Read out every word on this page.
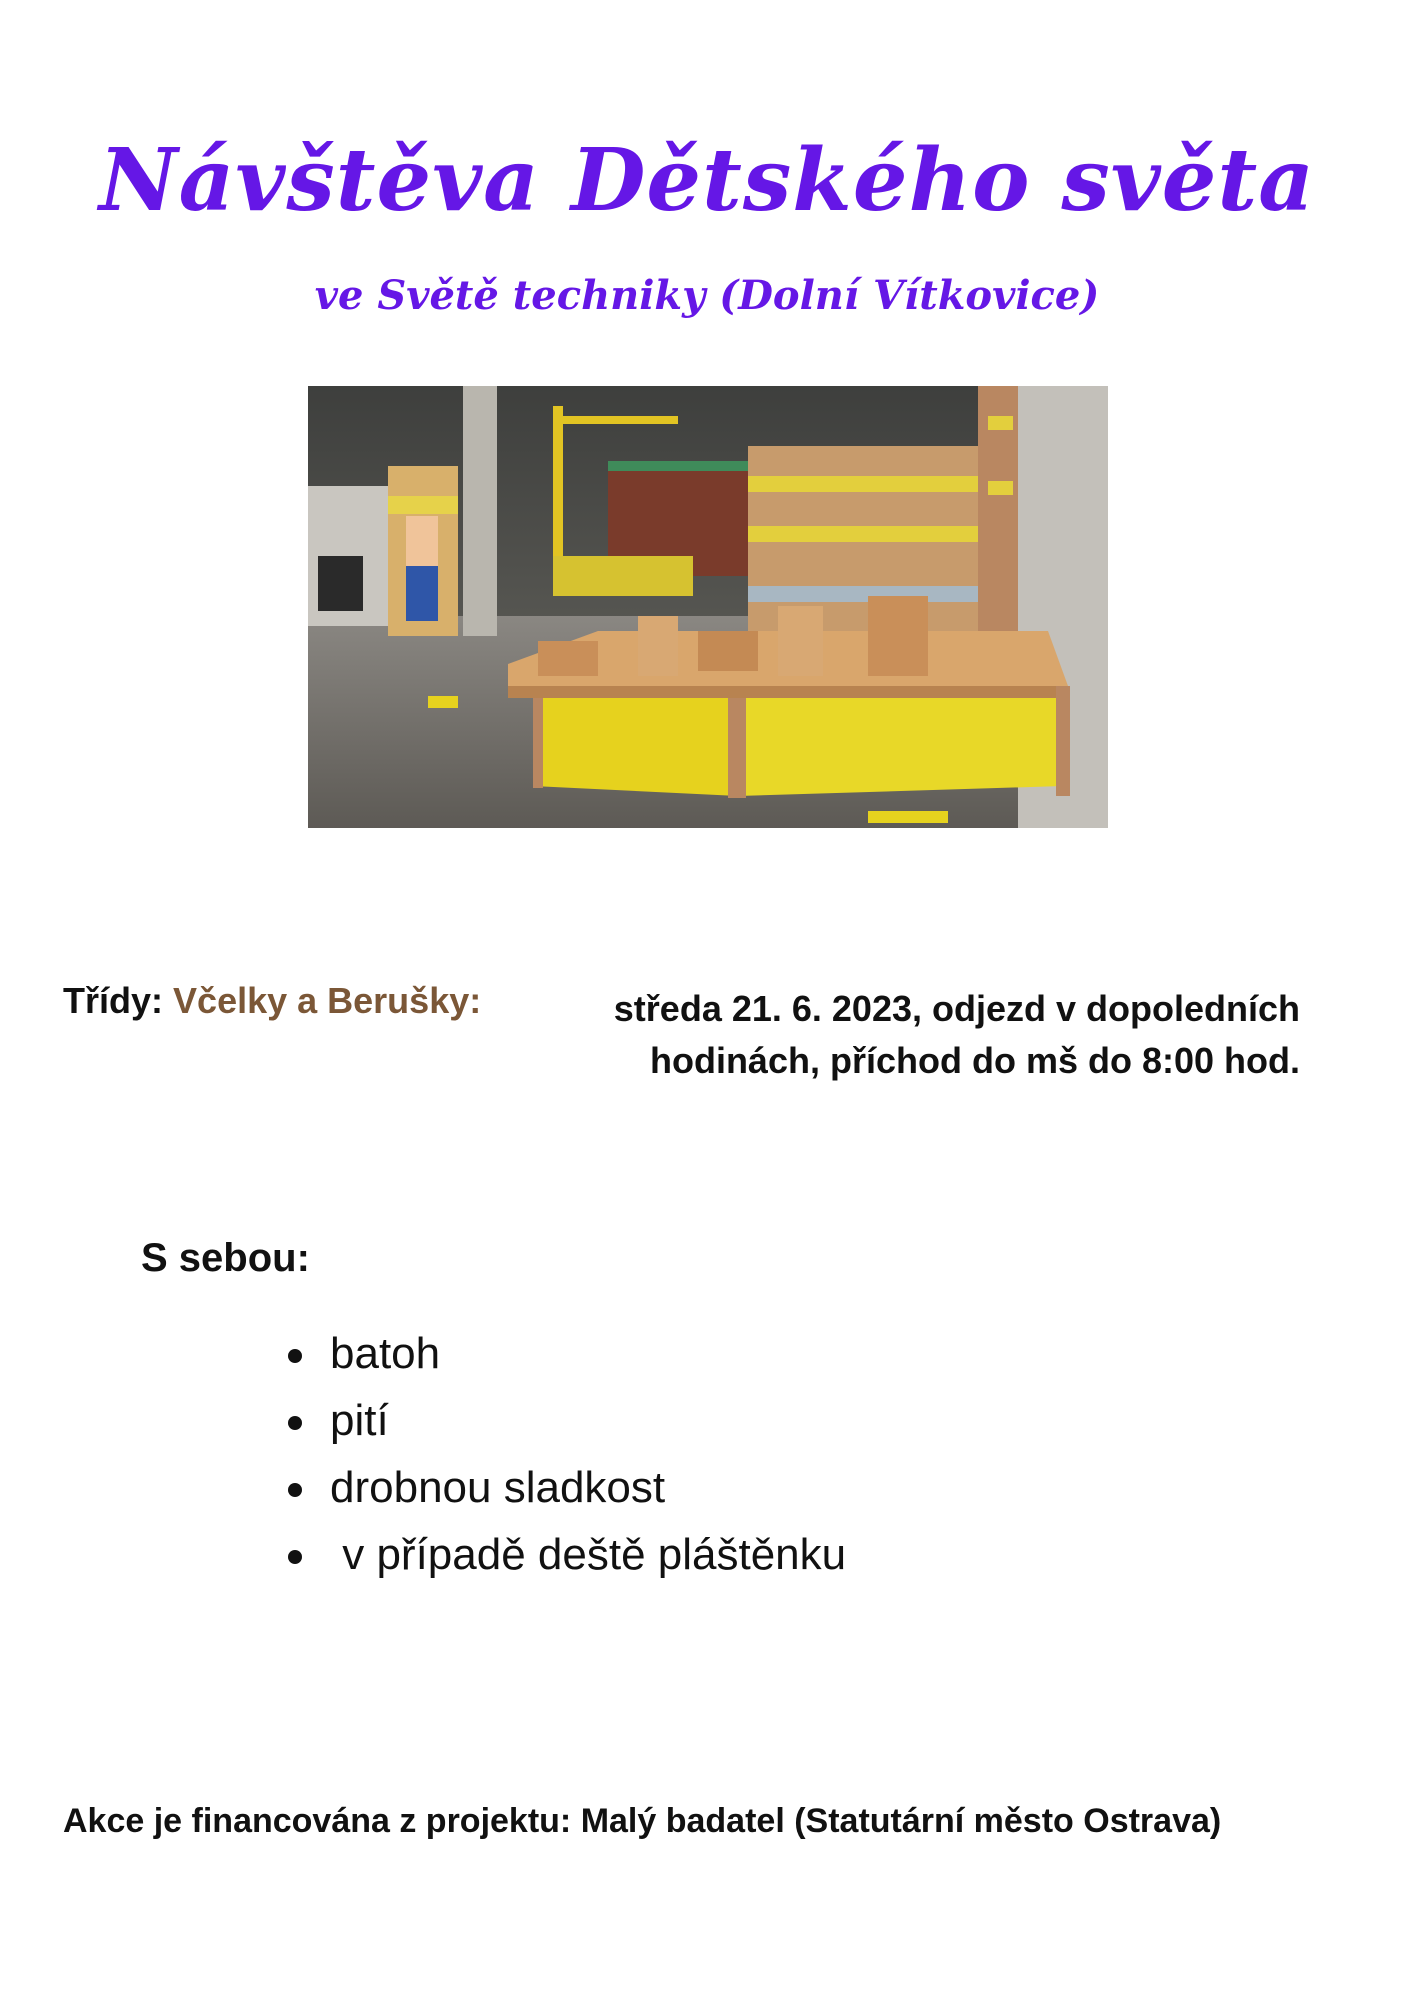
Návštěva Dětského světa
ve Světě techniky (Dolní Vítkovice)
Třídy: Včelky a Berušky:	středa 21. 6. 2023, odjezd v dopoledních
hodinách, příchod do mš do 8:00 hod.
S sebou:
batoh
pití
drobnou sladkost
v případě deště pláštěnku
Akce je financována z projektu: Malý badatel (Statutární město Ostrava)
